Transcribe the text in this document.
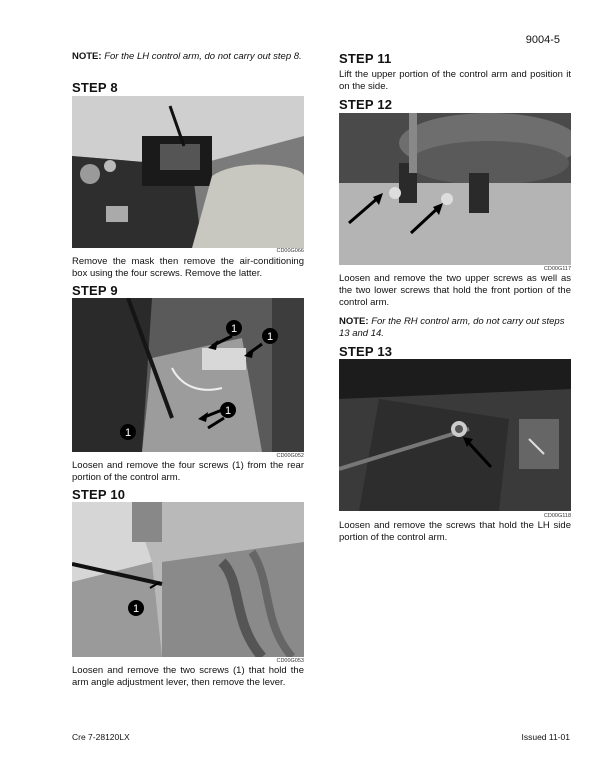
9004-5
NOTE: For the LH control arm, do not carry out step 8.
STEP 8
CD00G066
Remove the mask then remove the air-conditioning box using the four screws. Remove the latter.
STEP 9
1
1
1
1
CD00G052
Loosen and remove the four screws (1) from the rear portion of the control arm.
STEP 10
1
CD00G053
Loosen and remove the two screws (1) that hold the arm angle adjustment lever, then remove the lever.
STEP 11
Lift the upper portion of the control arm and position it on the side.
STEP 12
CD00G117
Loosen and remove the two upper screws as well as the two lower screws that hold the front portion of the control arm.
NOTE: For the RH control arm, do not carry out steps 13 and 14.
STEP 13
CD00G118
Loosen and remove the screws that hold the LH side portion of the control arm.
Cre 7-28120LX	Issued 11-01
